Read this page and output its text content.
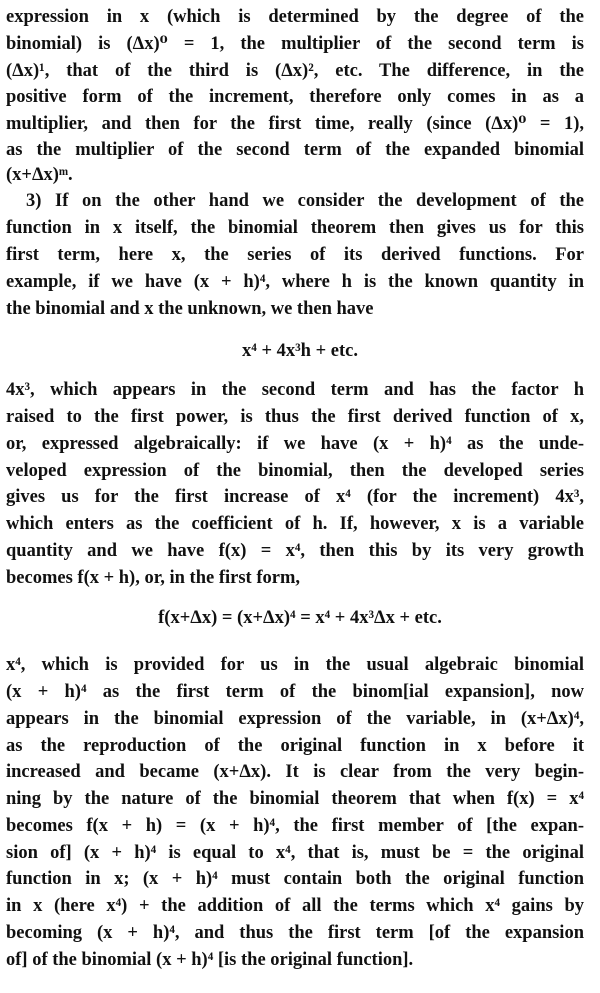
expression in x (which is determined by the degree of the
binomial) is (Δx)⁰ = 1, the multiplier of the second term is
(Δx)¹, that of the third is (Δx)², etc. The difference, in the
positive form of the increment, therefore only comes in as a
multiplier, and then for the first time, really (since (Δx)⁰ = 1),
as the multiplier of the second term of the expanded binomial
(x+Δx)ᵐ.
3) If on the other hand we consider the development of the
function in x itself, the binomial theorem then gives us for this
first term, here x, the series of its derived functions. For
example, if we have (x + h)⁴, where h is the known quantity in
the binomial and x the unknown, we then have
x⁴ + 4x³h + etc.
4x³, which appears in the second term and has the factor h
raised to the first power, is thus the first derived function of x,
or, expressed algebraically: if we have (x + h)⁴ as the unde-
veloped expression of the binomial, then the developed series
gives us for the first increase of x⁴ (for the increment) 4x³,
which enters as the coefficient of h. If, however, x is a variable
quantity and we have f(x) = x⁴, then this by its very growth
becomes f(x + h), or, in the first form,
f(x+Δx) = (x+Δx)⁴ = x⁴ + 4x³Δx + etc.
x⁴, which is provided for us in the usual algebraic binomial
(x + h)⁴ as the first term of the binom[ial expansion], now
appears in the binomial expression of the variable, in (x+Δx)⁴,
as the reproduction of the original function in x before it
increased and became (x+Δx). It is clear from the very begin-
ning by the nature of the binomial theorem that when f(x) = x⁴
becomes f(x + h) = (x + h)⁴, the first member of [the expan-
sion of] (x + h)⁴ is equal to x⁴, that is, must be = the original
function in x; (x + h)⁴ must contain both the original function
in x (here x⁴) + the addition of all the terms which x⁴ gains by
becoming (x + h)⁴, and thus the first term [of the expansion
of] of the binomial (x + h)⁴ [is the original function].
